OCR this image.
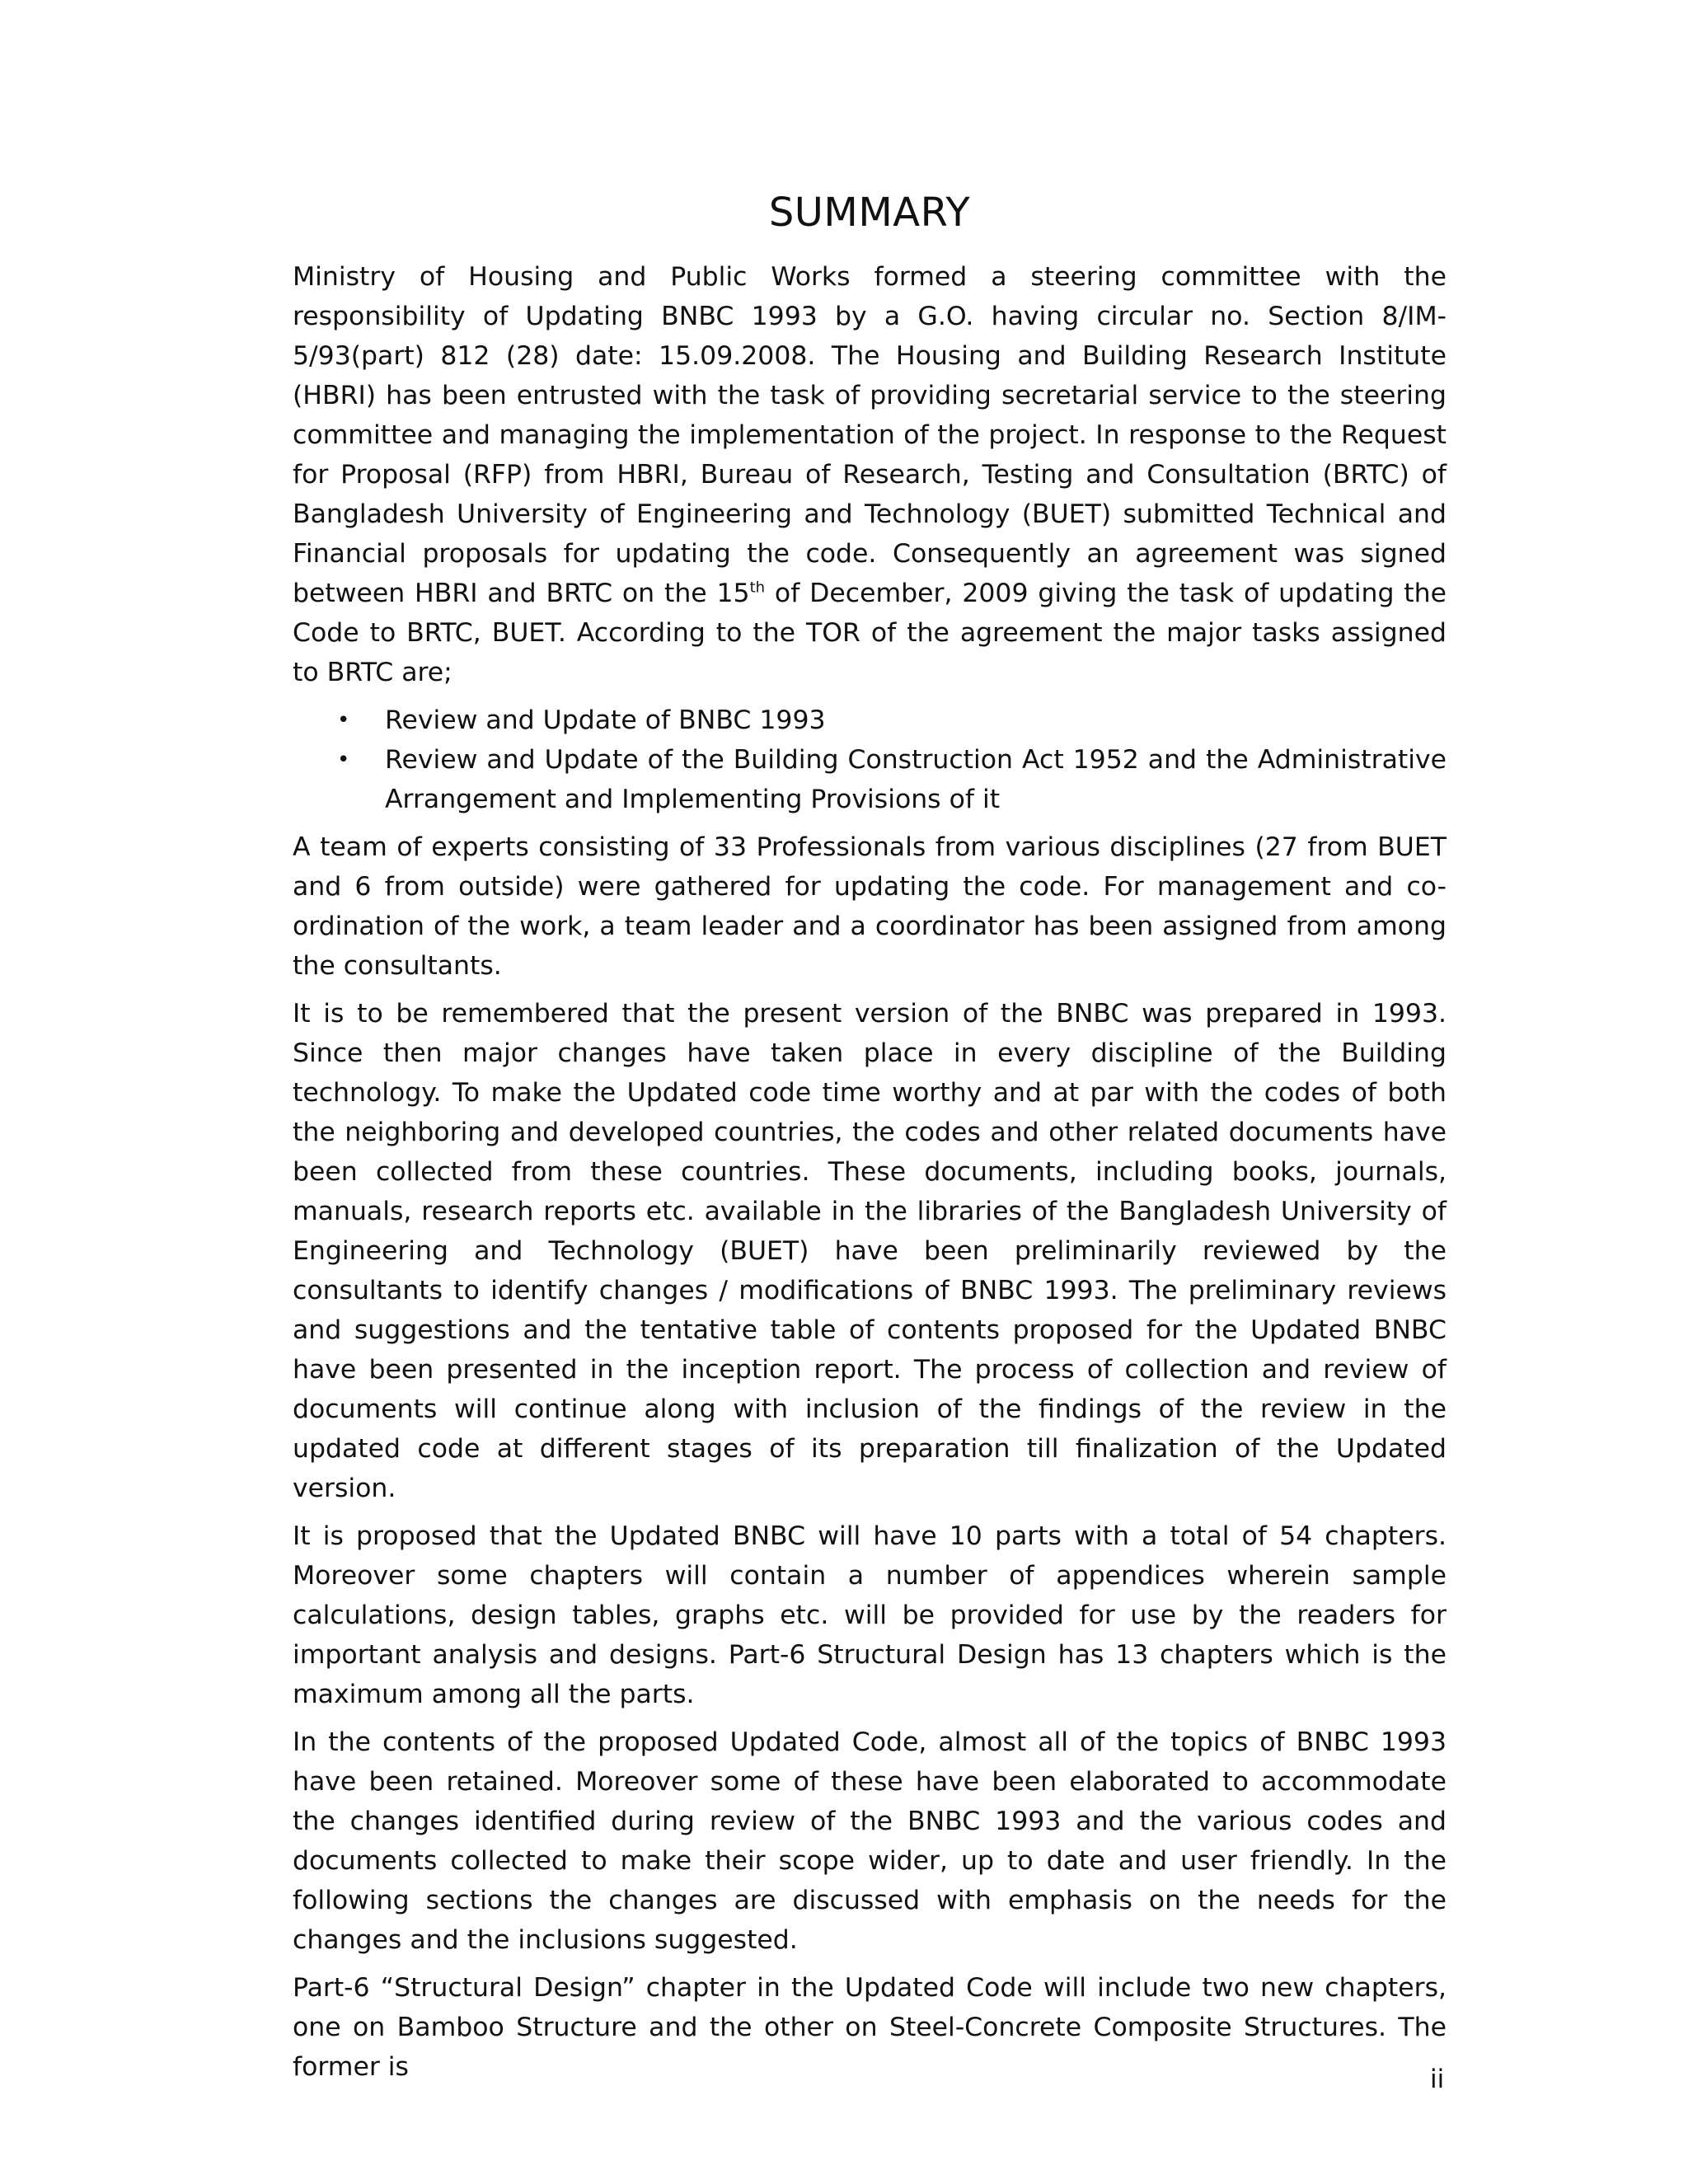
SUMMARY

Ministry of Housing and Public Works formed a steering committee with the responsibility of Updating BNBC 1993 by a G.O. having circular no. Section 8/IM-5/93(part) 812 (28) date: 15.09.2008. The Housing and Building Research Institute (HBRI) has been entrusted with the task of providing secretarial service to the steering committee and managing the implementation of the project. In response to the Request for Proposal (RFP) from HBRI, Bureau of Research, Testing and Consultation (BRTC) of Bangladesh University of Engineering and Technology (BUET) submitted Technical and Financial proposals for updating the code. Consequently an agreement was signed between HBRI and BRTC on the 15th of December, 2009 giving the task of updating the Code to BRTC, BUET. According to the TOR of the agreement the major tasks assigned to BRTC are;

• Review and Update of BNBC 1993
• Review and Update of the Building Construction Act 1952 and the Administrative Arrangement and Implementing Provisions of it

A team of experts consisting of 33 Professionals from various disciplines (27 from BUET and 6 from outside) were gathered for updating the code. For management and co-ordination of the work, a team leader and a coordinator has been assigned from among the consultants.

It is to be remembered that the present version of the BNBC was prepared in 1993. Since then major changes have taken place in every discipline of the Building technology. To make the Updated code time worthy and at par with the codes of both the neighboring and developed countries, the codes and other related documents have been collected from these countries. These documents, including books, journals, manuals, research reports etc. available in the libraries of the Bangladesh University of Engineering and Technology (BUET) have been preliminarily reviewed by the consultants to identify changes / modifications of BNBC 1993. The preliminary reviews and suggestions and the tentative table of contents proposed for the Updated BNBC have been presented in the inception report. The process of collection and review of documents will continue along with inclusion of the findings of the review in the updated code at different stages of its preparation till finalization of the Updated version.

It is proposed that the Updated BNBC will have 10 parts with a total of 54 chapters. Moreover some chapters will contain a number of appendices wherein sample calculations, design tables, graphs etc. will be provided for use by the readers for important analysis and designs. Part-6 Structural Design has 13 chapters which is the maximum among all the parts.

In the contents of the proposed Updated Code, almost all of the topics of BNBC 1993 have been retained. Moreover some of these have been elaborated to accommodate the changes identified during review of the BNBC 1993 and the various codes and documents collected to make their scope wider, up to date and user friendly. In the following sections the changes are discussed with emphasis on the needs for the changes and the inclusions suggested.

Part-6 “Structural Design” chapter in the Updated Code will include two new chapters, one on Bamboo Structure and the other on Steel-Concrete Composite Structures. The former is	ii
